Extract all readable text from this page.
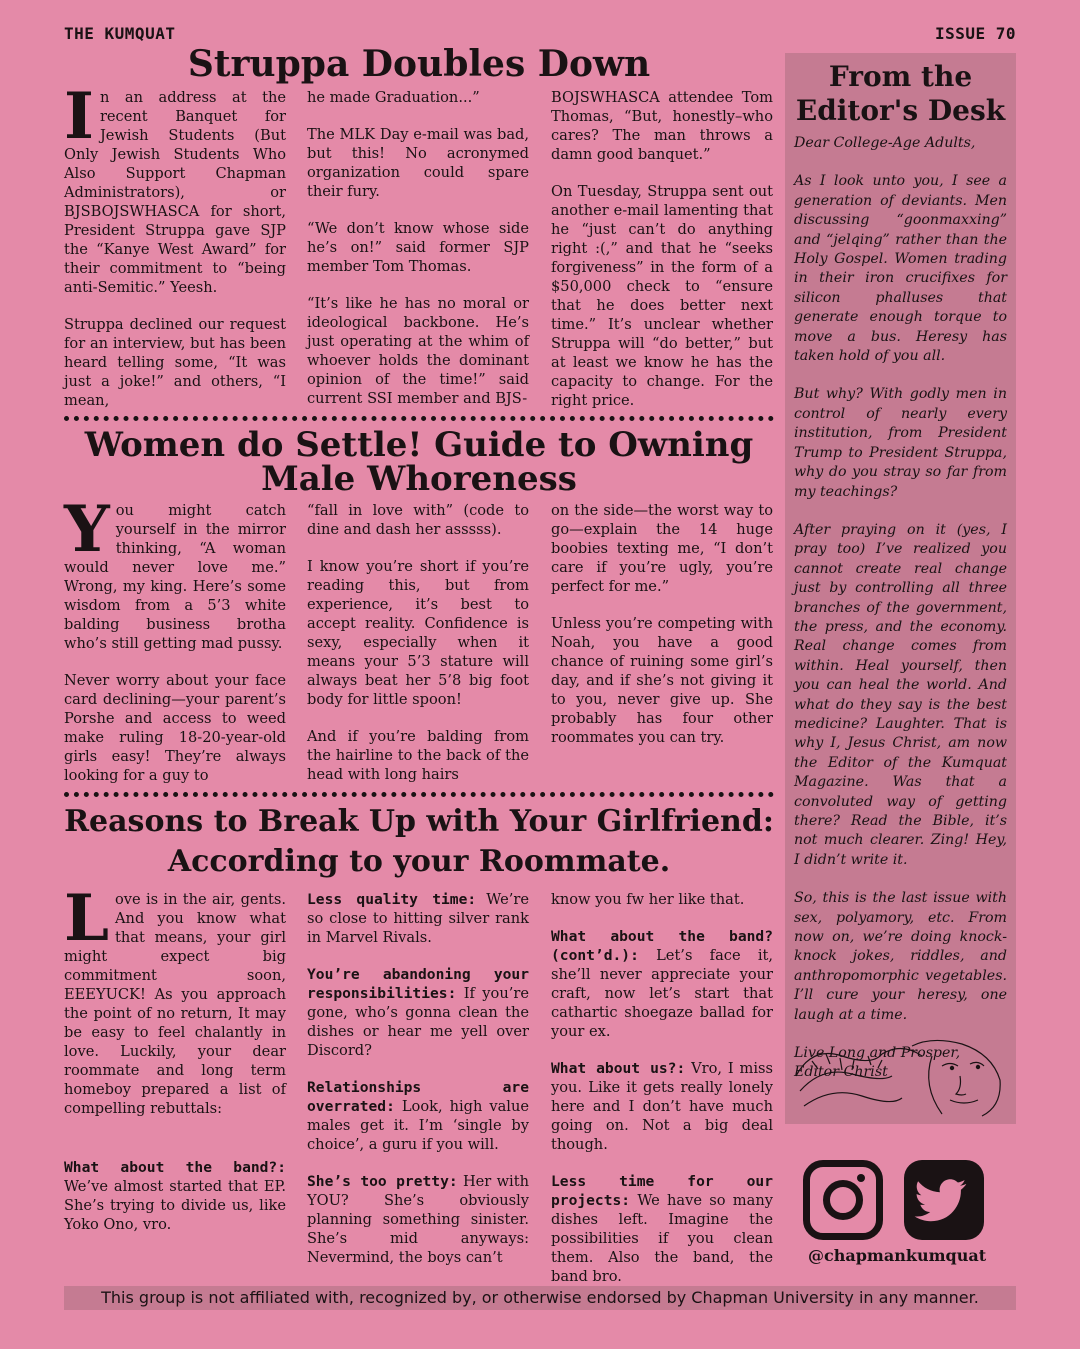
THE KUMQUAT	ISSUE 70
Struppa Doubles Down
I n an address at the recent Banquet for Jewish Students (But Only Jewish Students Who Also Support Chapman Administrators), or BJSBOJSWHASCA for short, President Struppa gave SJP the “Kanye West Award” for their commitment to “being anti-Semitic.” Yeesh.

Struppa declined our request for an interview, but has been heard telling some, “It was just a joke!” and others, “I mean,

he made Graduation...”

The MLK Day e-mail was bad, but this! No acronymed organization could spare their fury.

“We don’t know whose side he’s on!” said former SJP member Tom Thomas.

“It’s like he has no moral or ideological backbone. He’s just operating at the whim of whoever holds the dominant opinion of the time!” said current SSI member and BJS-

BOJSWHASCA attendee Tom Thomas, “But, honestly–who cares? The man throws a damn good banquet.”

On Tuesday, Struppa sent out another e-mail lamenting that he “just can’t do anything right :(,” and that he “seeks forgiveness” in the form of a $50,000 check to “ensure that he does better next time.” It’s unclear whether Struppa will “do better,” but at least we know he has the capacity to change. For the right price.

Women do Settle! Guide to Owning
Male Whoreness
Y ou might catch yourself in the mirror thinking, “A woman would never love me.” Wrong, my king. Here’s some wisdom from a 5’3 white balding business brotha who’s still getting mad pussy.

Never worry about your face card declining—your parent’s Porshe and access to weed make ruling 18-20-year-old girls easy! They’re always looking for a guy to

“fall in love with” (code to dine and dash her asssss).

I know you’re short if you’re reading this, but from experience, it’s best to accept reality. Confidence is sexy, especially when it means your 5’3 stature will always beat her 5’8 big foot body for little spoon!

And if you’re balding from the hairline to the back of the head with long hairs

on the side—the worst way to go—explain the 14 huge boobies texting me, “I don’t care if you’re ugly, you’re perfect for me.”

Unless you’re competing with Noah, you have a good chance of ruining some girl’s day, and if she’s not giving it to you, never give up. She probably has four other roommates you can try.

Reasons to Break Up with Your Girlfriend:
According to your Roommate.
L ove is in the air, gents. And you know what that means, your girl might expect big commitment soon, EEEYUCK! As you approach the point of no return, It may be easy to feel chalantly in love. Luckily, your dear roommate and long term homeboy prepared a list of compelling rebuttals:

What about the band?: We’ve almost started that EP. She’s trying to divide us, like Yoko Ono, vro.

Less quality time: We’re so close to hitting silver rank in Marvel Rivals.

You’re abandoning your responsibilities: If you’re gone, who’s gonna clean the dishes or hear me yell over Discord?

Relationships are overrated: Look, high value males get it. I’m ‘single by choice’, a guru if you will.

She’s too pretty: Her with YOU? She’s obviously planning something sinister. She’s mid anyways: Nevermind, the boys can’t

know you fw her like that.

What about the band? (cont’d.): Let’s face it, she’ll never appreciate your craft, now let’s start that cathartic shoegaze ballad for your ex.

What about us?: Vro, I miss you. Like it gets really lonely here and I don’t have much going on. Not a big deal though.

Less time for our projects: We have so many dishes left. Imagine the possibilities if you clean them. Also the band, the band bro.

From the
Editor's Desk

Dear College-Age Adults,

As I look unto you, I see a generation of deviants. Men discussing “goonmaxxing” and “jelqing” rather than the Holy Gospel. Women trading in their iron crucifixes for silicon phalluses that generate enough torque to move a bus. Heresy has taken hold of you all.

But why? With godly men in control of nearly every institution, from President Trump to President Struppa, why do you stray so far from my teachings?

After praying on it (yes, I pray too) I’ve realized you cannot create real change just by controlling all three branches of the government, the press, and the economy. Real change comes from within. Heal yourself, then you can heal the world. And what do they say is the best medicine? Laughter. That is why I, Jesus Christ, am now the Editor of the Kumquat Magazine. Was that a convoluted way of getting there? Read the Bible, it’s not much clearer. Zing! Hey, I didn’t write it.

So, this is the last issue with sex, polyamory, etc. From now on, we’re doing knock-knock jokes, riddles, and anthropomorphic vegetables. I’ll cure your heresy, one laugh at a time.

Live Long and Prosper,
Editor Christ

@chapmankumquat
This group is not affiliated with, recognized by, or otherwise endorsed by Chapman University in any manner.
